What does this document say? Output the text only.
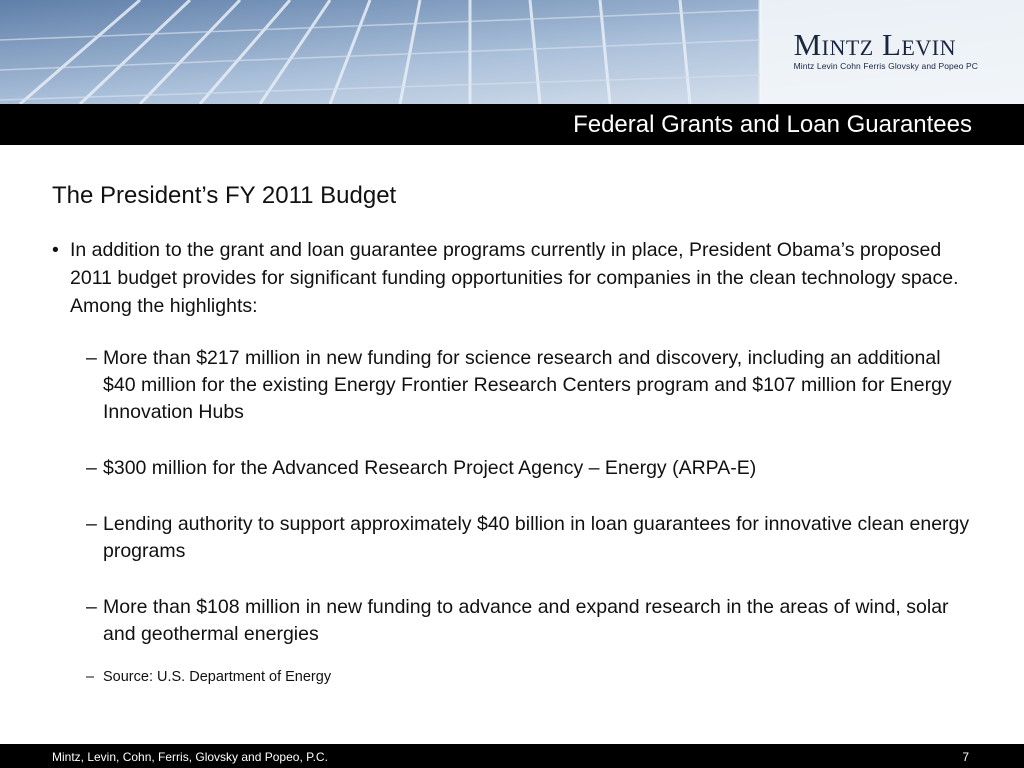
Mintz Levin
Mintz Levin Cohn Ferris Glovsky and Popeo PC
Federal Grants and Loan Guarantees
The President’s FY 2011 Budget
• In addition to the grant and loan guarantee programs currently in place, President Obama’s proposed 2011 budget provides for significant funding opportunities for companies in the clean technology space. Among the highlights:
– More than $217 million in new funding for science research and discovery, including an additional $40 million for the existing Energy Frontier Research Centers program and $107 million for Energy Innovation Hubs
– $300 million for the Advanced Research Project Agency – Energy (ARPA-E)
– Lending authority to support approximately $40 billion in loan guarantees for innovative clean energy programs
– More than $108 million in new funding to advance and expand research in the areas of wind, solar and geothermal energies
– Source: U.S. Department of Energy
Mintz, Levin, Cohn, Ferris, Glovsky and Popeo, P.C.	7
